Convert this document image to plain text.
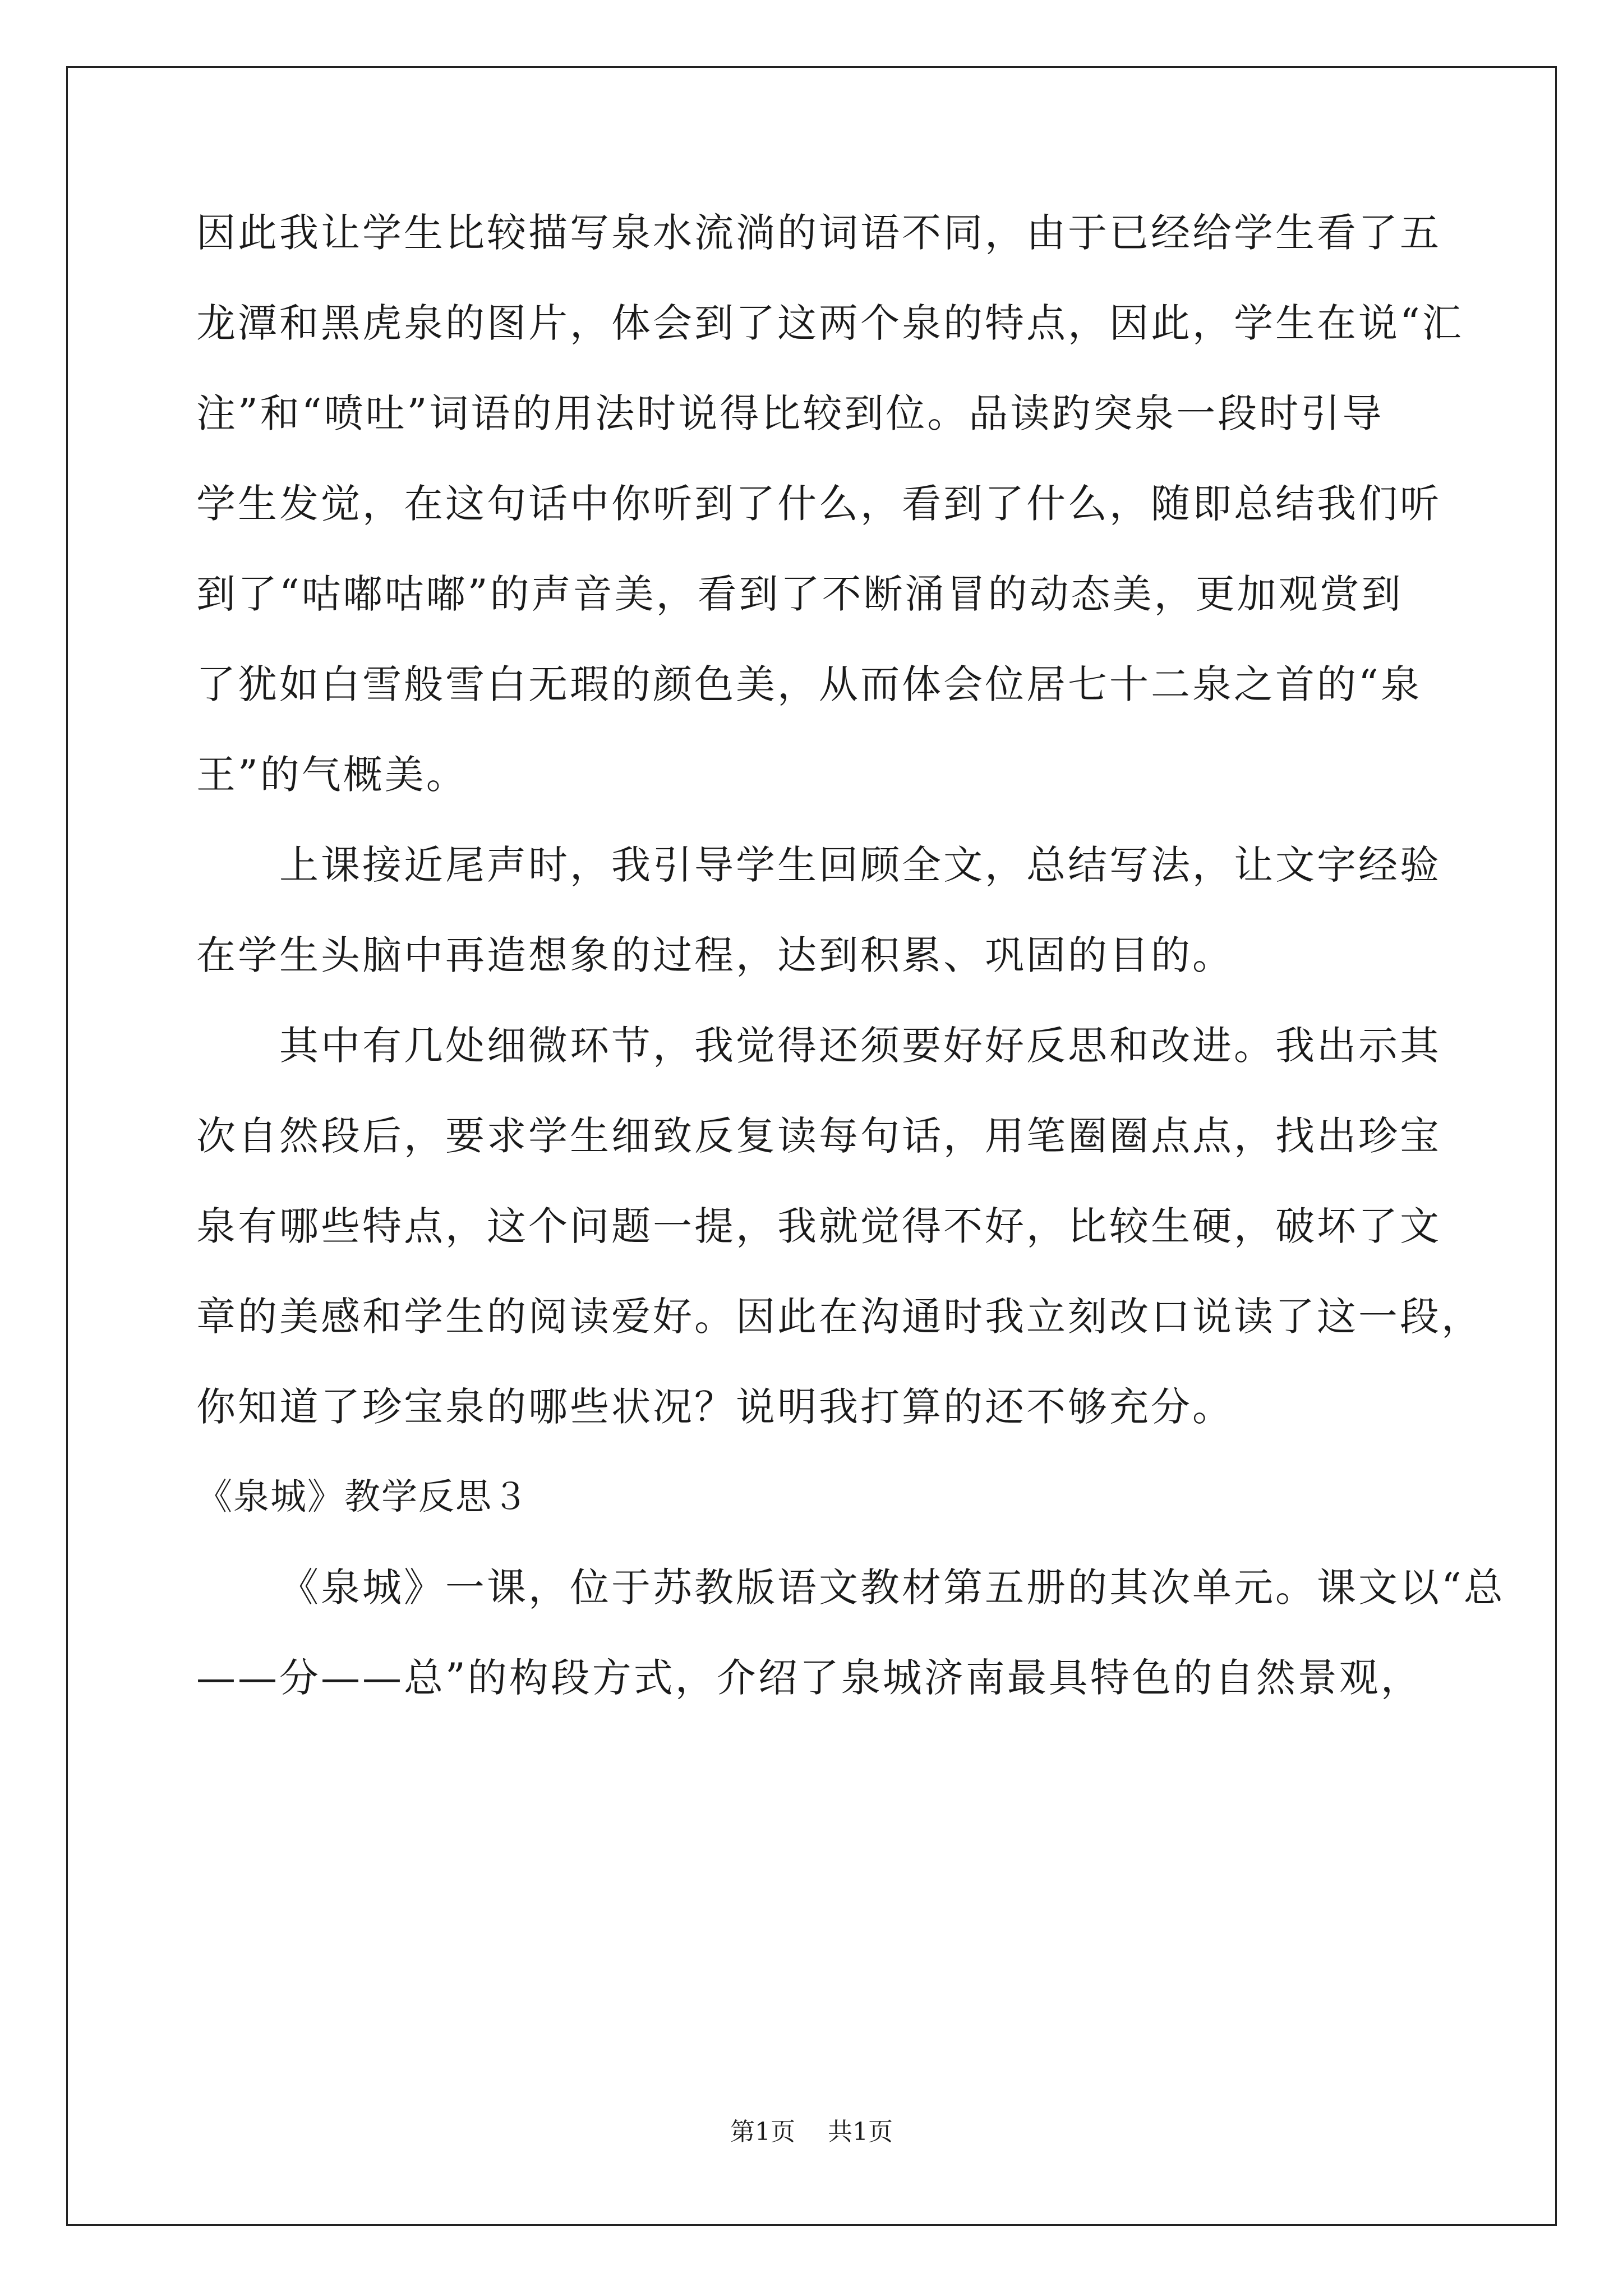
因此我让学生比较描写泉水流淌的词语不同，由于已经给学生看了五
龙潭和黑虎泉的图片，体会到了这两个泉的特点，因此，学生在说“汇
注”和“喷吐”词语的用法时说得比较到位。品读趵突泉一段时引导
学生发觉，在这句话中你听到了什么，看到了什么，随即总结我们听
到了“咕嘟咕嘟”的声音美，看到了不断涌冒的动态美，更加观赏到
了犹如白雪般雪白无瑕的颜色美，从而体会位居七十二泉之首的“泉
王”的气概美。
上课接近尾声时，我引导学生回顾全文，总结写法，让文字经验
在学生头脑中再造想象的过程，达到积累、巩固的目的。
其中有几处细微环节，我觉得还须要好好反思和改进。我出示其
次自然段后，要求学生细致反复读每句话，用笔圈圈点点，找出珍宝
泉有哪些特点，这个问题一提，我就觉得不好，比较生硬，破坏了文
章的美感和学生的阅读爱好。因此在沟通时我立刻改口说读了这一段，
你知道了珍宝泉的哪些状况？说明我打算的还不够充分。
《泉城》教学反思３
《泉城》一课，位于苏教版语文教材第五册的其次单元。课文以“总
——分——总”的构段方式，介绍了泉城济南最具特色的自然景观，
第1页 共1页
